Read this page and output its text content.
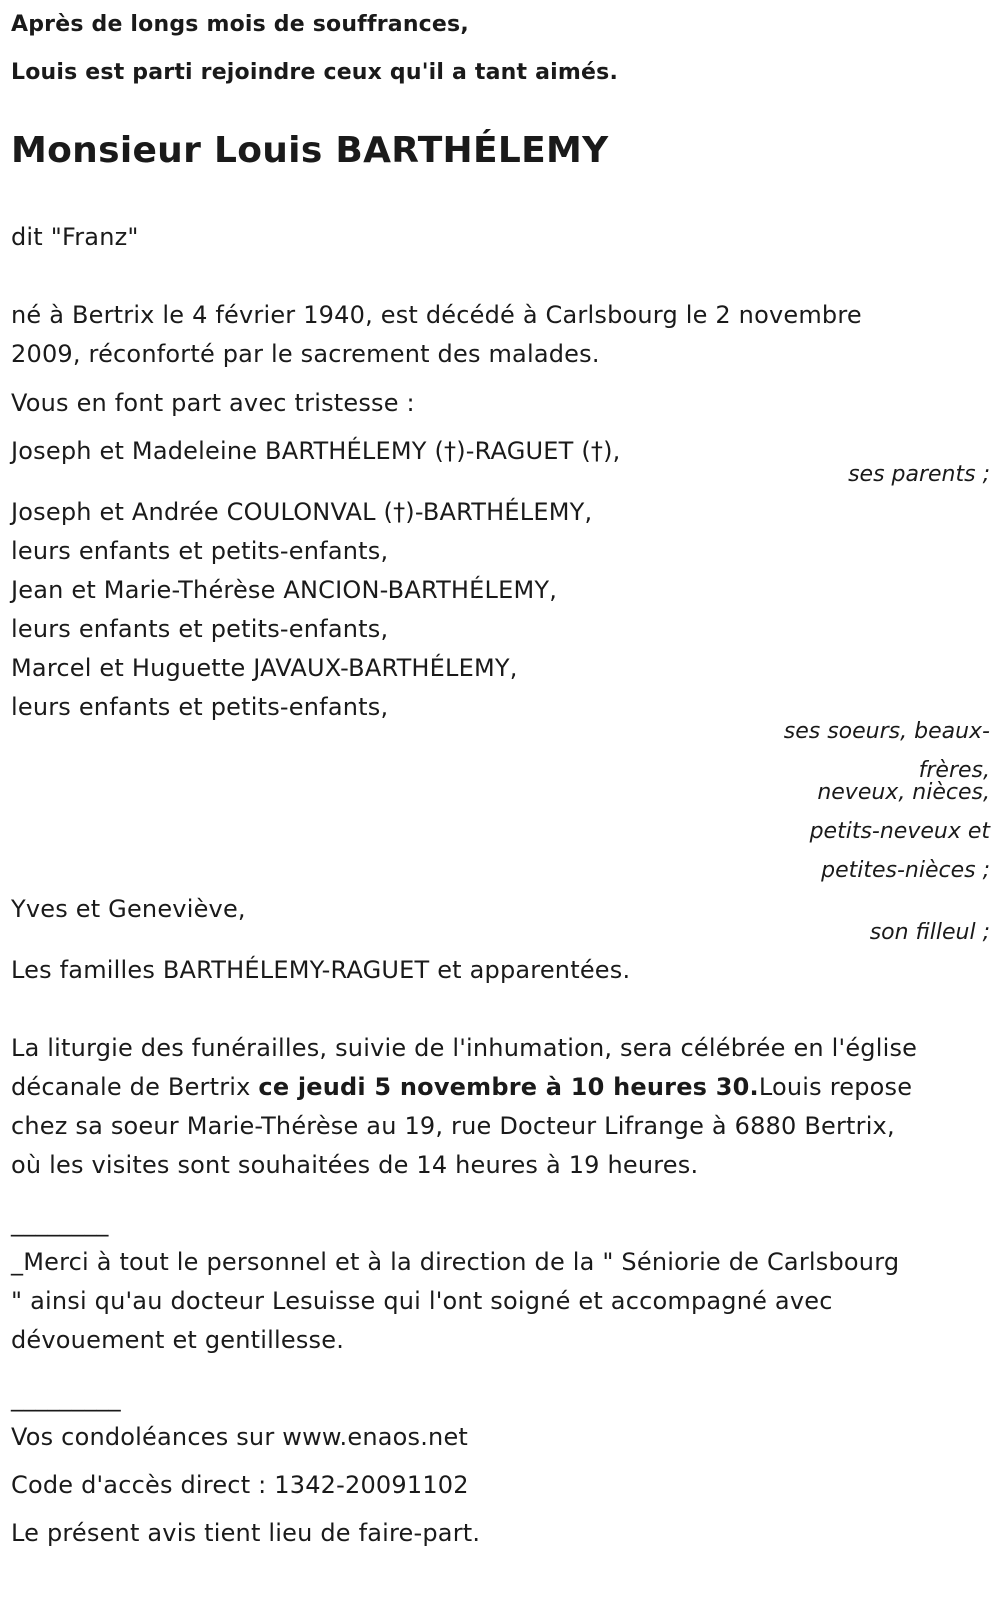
Après de longs mois de souffrances,
Louis est parti rejoindre ceux qu'il a tant aimés.
Monsieur Louis BARTHÉLEMY
dit "Franz"
né à Bertrix le 4 février 1940, est décédé à Carlsbourg le 2 novembre
2009, réconforté par le sacrement des malades.
Vous en font part avec tristesse :
Joseph et Madeleine BARTHÉLEMY (†)-RAGUET (†),
ses parents ;
Joseph et Andrée COULONVAL (†)-BARTHÉLEMY,
leurs enfants et petits-enfants,
Jean et Marie-Thérèse ANCION-BARTHÉLEMY,
leurs enfants et petits-enfants,
Marcel et Huguette JAVAUX-BARTHÉLEMY,
leurs enfants et petits-enfants,
ses soeurs, beaux-frères,
neveux, nièces,
petits-neveux et
petites-nièces ;
Yves et Geneviève,
son filleul ;
Les familles BARTHÉLEMY-RAGUET et apparentées.
La liturgie des funérailles, suivie de l'inhumation, sera célébrée en l'église
décanale de Bertrix ce jeudi 5 novembre à 10 heures 30.Louis repose
chez sa soeur Marie-Thérèse au 19, rue Docteur Lifrange à 6880 Bertrix,
où les visites sont souhaitées de 14 heures à 19 heures.
________
_Merci à tout le personnel et à la direction de la " Séniorie de Carlsbourg
" ainsi qu'au docteur Lesuisse qui l'ont soigné et accompagné avec
dévouement et gentillesse.
_________
Vos condoléances sur www.enaos.net
Code d'accès direct : 1342-20091102
Le présent avis tient lieu de faire-part.
